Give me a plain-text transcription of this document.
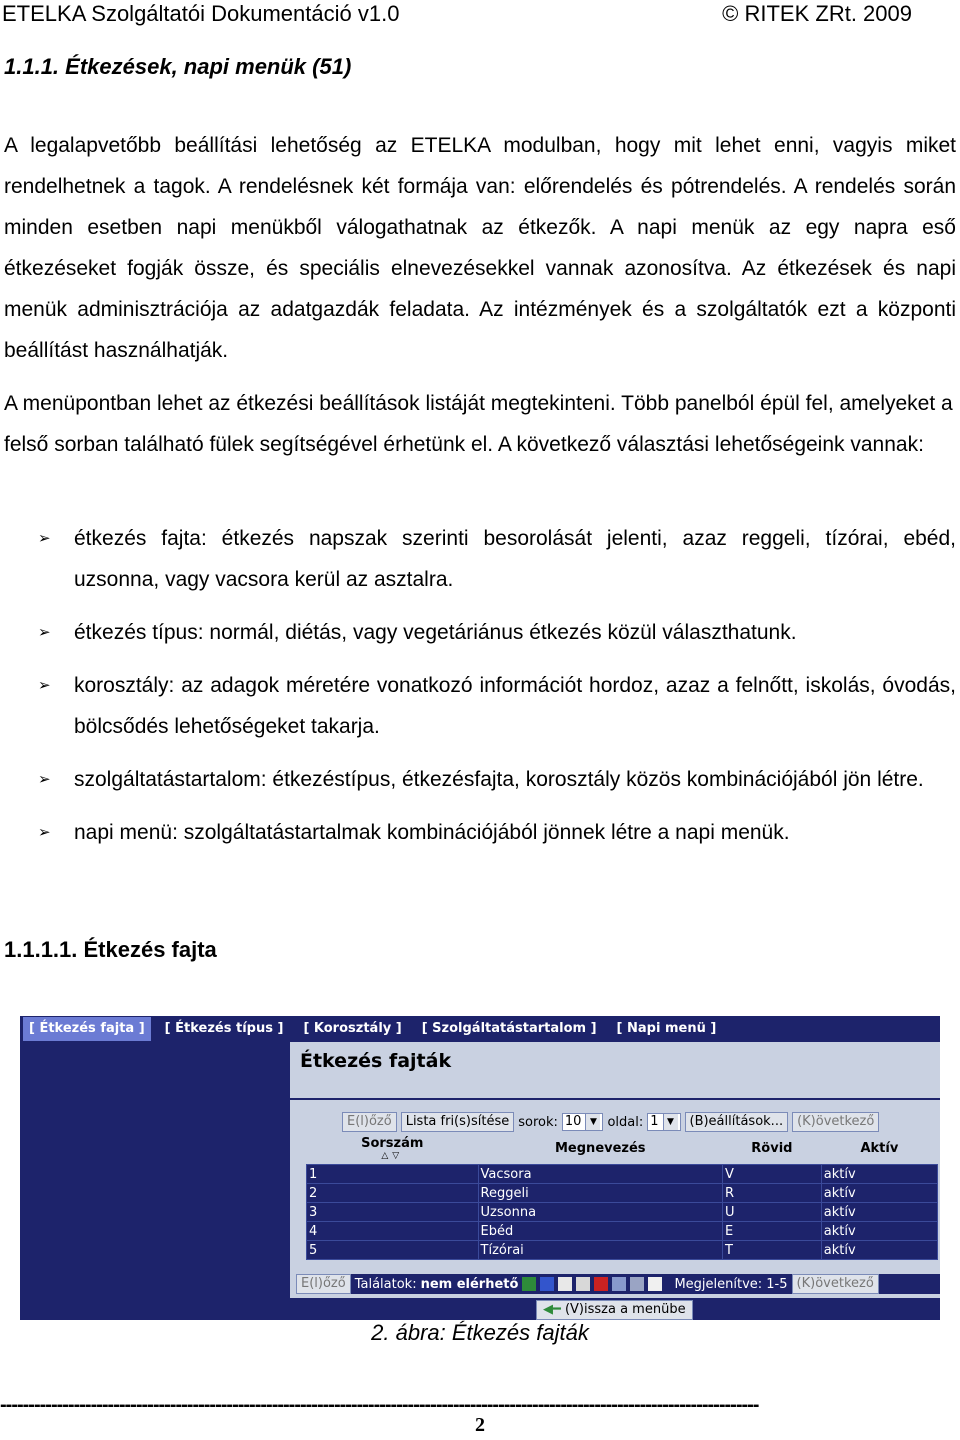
ETELKA Szolgáltatói Dokumentáció v1.0	© RITEK ZRt. 2009
1.1.1. Étkezések, napi menük (51)
A legalapvetőbb beállítási lehetőség az ETELKA modulban, hogy mit lehet enni, vagyis miket rendelhetnek a tagok. A rendelésnek két formája van: előrendelés és pótrendelés. A rendelés során minden esetben napi menükből válogathatnak az étkezők. A napi menük az egy napra eső étkezéseket fogják össze, és speciális elnevezésekkel vannak azonosítva. Az étkezések és napi menük adminisztrációja az adatgazdák feladata. Az intézmények és a szolgáltatók ezt a központi beállítást használhatják.
A menüpontban lehet az étkezési beállítások listáját megtekinteni. Több panelból épül fel, amelyeket a felső sorban található fülek segítségével érhetünk el. A következő választási lehetőségeink vannak:
➢ étkezés fajta: étkezés napszak szerinti besorolását jelenti, azaz reggeli, tízórai, ebéd, uzsonna, vagy vacsora kerül az asztalra.
➢ étkezés típus: normál, diétás, vagy vegetáriánus étkezés közül választhatunk.
➢ korosztály: az adagok méretére vonatkozó információt hordoz, azaz a felnőtt, iskolás, óvodás, bölcsődés lehetőségeket takarja.
➢ szolgáltatástartalom: étkezéstípus, étkezésfajta, korosztály közös kombinációjából jön létre.
➢ napi menü: szolgáltatástartalmak kombinációjából jönnek létre a napi menük.
1.1.1.1. Étkezés fajta
[ Étkezés fajta ]	[ Étkezés típus ]	[ Korosztály ]	[ Szolgáltatástartalom ]	[ Napi menü ]
Étkezés fajták
E(l)őző	Lista fri(s)sítése sorok: 10 ▼ oldal: 1 ▼	(B)eállítások...	(K)övetkező
Sorszám
△▽	Megnevezés	Rövid	Aktív
1	Vacsora	V	aktív
2	Reggeli	R	aktív
3	Uzsonna	U	aktív
4	Ebéd	E	aktív
5	Tízórai	T	aktív
E(l)őző Találatok: nem elérhető	Megjelenítve: 1-5 (K)övetkező
◀━ (V)issza a menübe
2. ábra: Étkezés fajták
--------------------------------------------------------------------------------------------------------------------------------------
2
